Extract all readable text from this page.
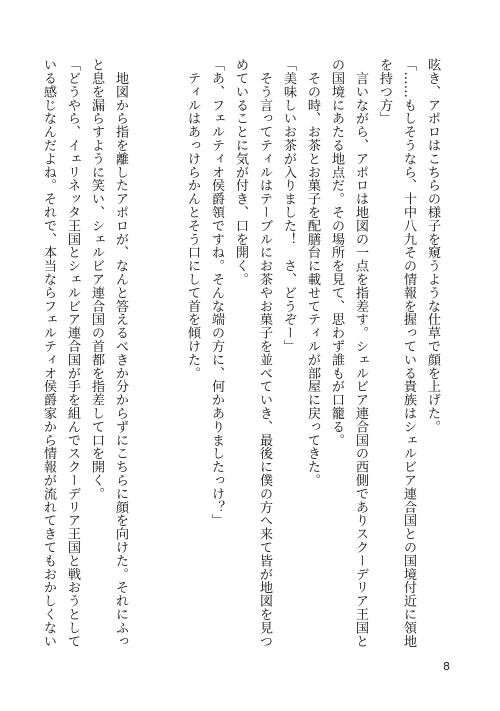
呟き、アポロはこちらの様子を窺うような仕草で顔を上げた。

「……もしそうなら、十中八九その情報を握っている貴族はシェルビア連合国との国境付近に領地

を持つ方」

　言いながら、アポロは地図の一点を指差す。シェルビア連合国の西側でありスクーデリア王国と

の国境にあたる地点だ。その場所を見て、思わず誰もが口籠る。

　その時、お茶とお菓子を配膳台に載せてティルが部屋に戻ってきた。

「美味しいお茶が入りました！　さ、どうぞー」

　そう言ってティルはテーブルにお茶やお菓子を並べていき、最後に僕の方へ来て皆が地図を見つ

めていることに気が付き、口を開く。

「あ、フェルティオ侯爵領ですね。そんな端の方に、何かありましたっけ？」

　ティルはあっけらかんとそう口にして首を傾けた。

　地図から指を離したアポロが、なんと答えるべきか分からずにこちらに顔を向けた。それにふっ

と息を漏らすように笑い、シェルビア連合国の首都を指差して口を開く。

「どうやら、イェリネッタ王国とシェルビア連合国が手を組んでスクーデリア王国と戦おうとして

いる感じなんだよね。それで、本当ならフェルティオ侯爵家から情報が流れてきてもおかしくない

8
